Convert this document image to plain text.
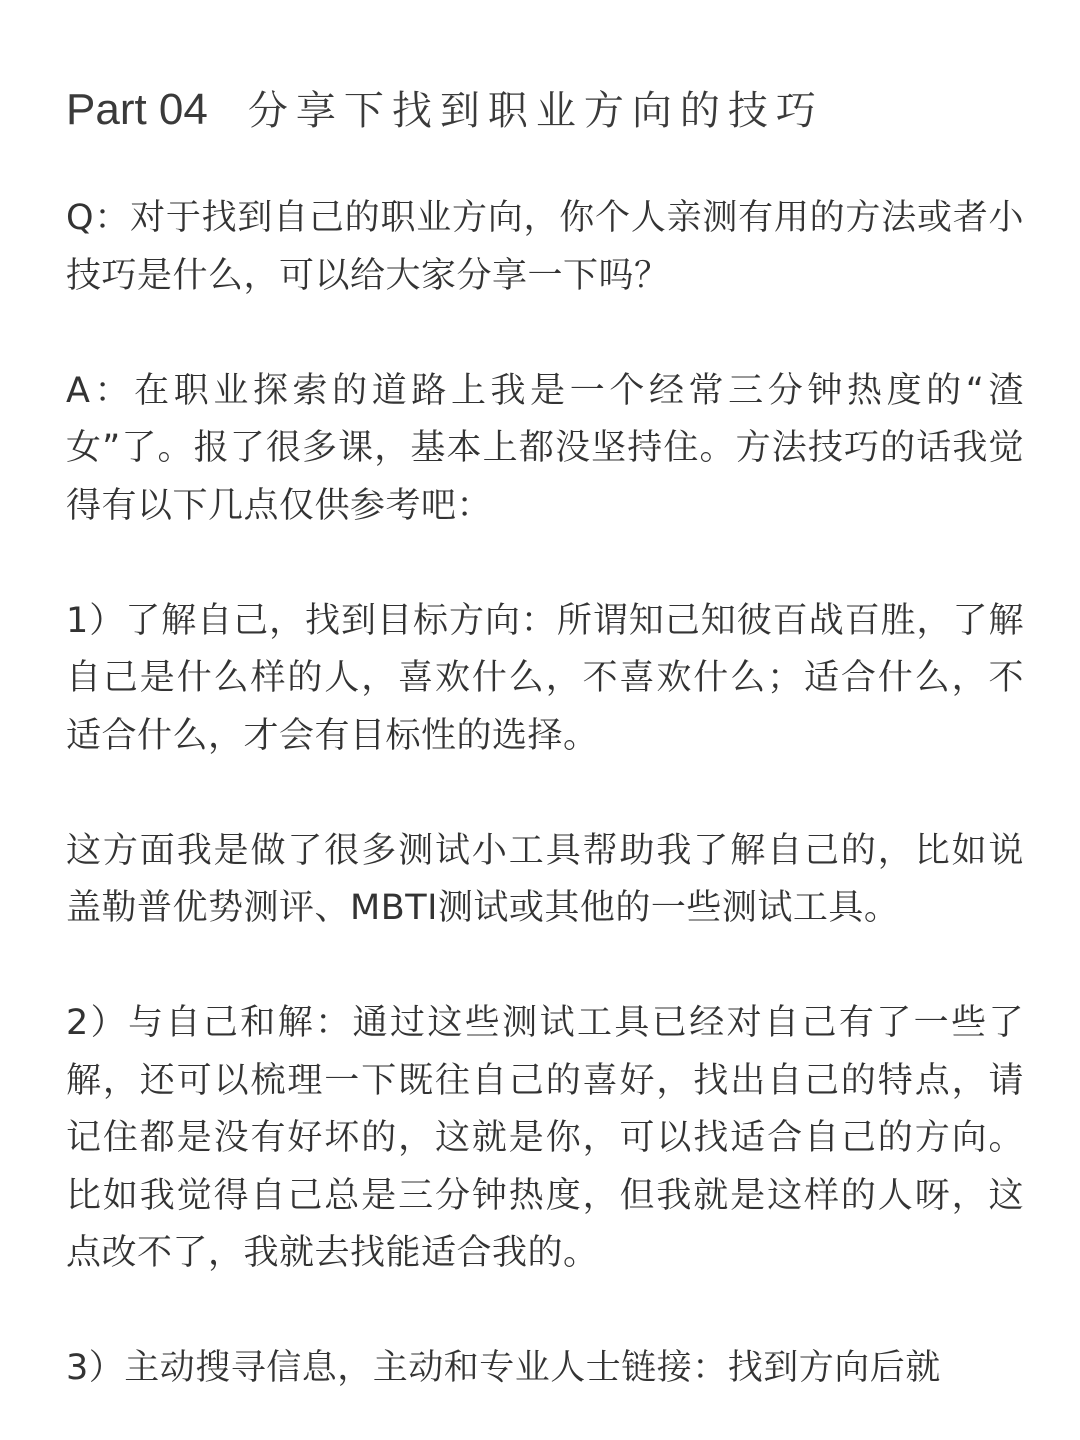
Part 04 分享下找到职业方向的技巧

Q：对于找到自己的职业方向，你个人亲测有用的方法或者小技巧是什么，可以给大家分享一下吗？

A：在职业探索的道路上我是一个经常三分钟热度的“渣女”了。报了很多课，基本上都没坚持住。方法技巧的话我觉得有以下几点仅供参考吧：

1）了解自己，找到目标方向：所谓知己知彼百战百胜，了解自己是什么样的人，喜欢什么，不喜欢什么；适合什么，不适合什么，才会有目标性的选择。

这方面我是做了很多测试小工具帮助我了解自己的，比如说盖勒普优势测评、MBTI测试或其他的一些测试工具。

2）与自己和解：通过这些测试工具已经对自己有了一些了解，还可以梳理一下既往自己的喜好，找出自己的特点，请记住都是没有好坏的，这就是你，可以找适合自己的方向。比如我觉得自己总是三分钟热度，但我就是这样的人呀，这点改不了，我就去找能适合我的。

3）主动搜寻信息，主动和专业人士链接：找到方向后就
